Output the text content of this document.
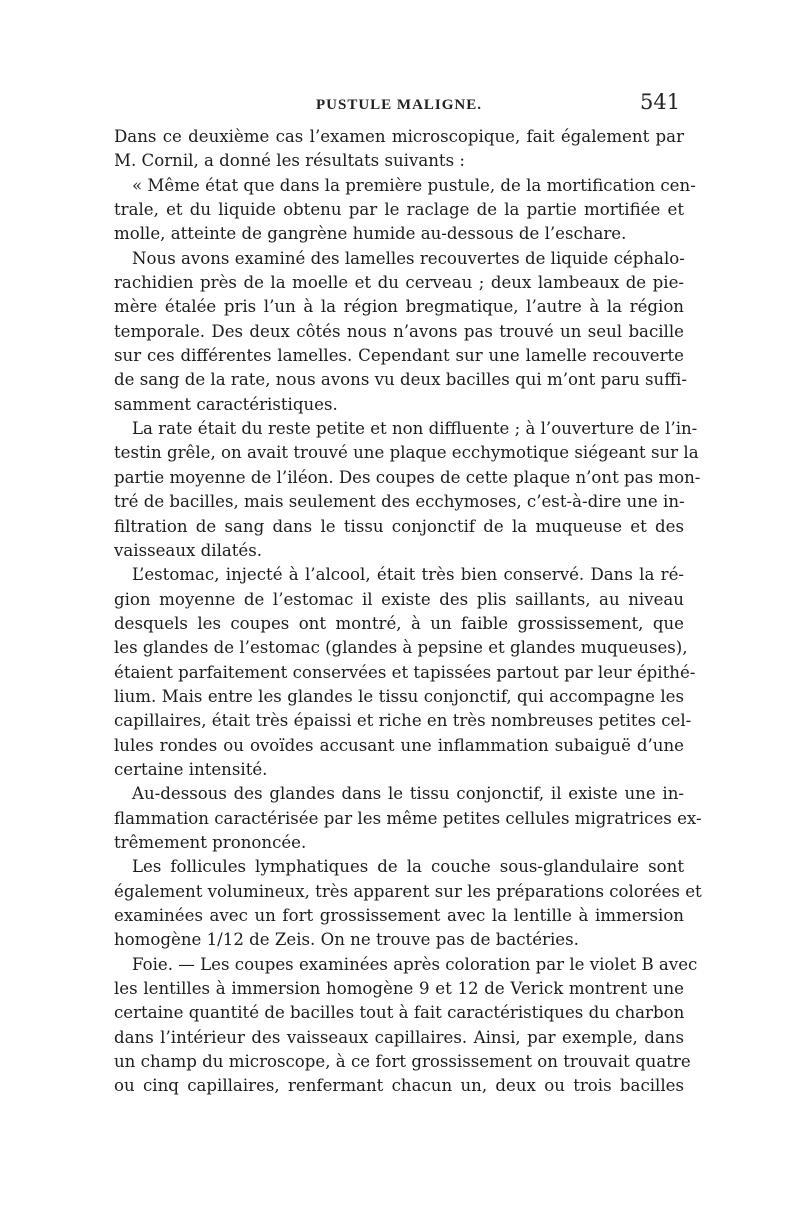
PUSTULE MALIGNE.	541
Dans ce deuxième cas l’examen microscopique, fait également par
M. Cornil, a donné les résultats suivants :
« Même état que dans la première pustule, de la mortification cen-
trale, et du liquide obtenu par le raclage de la partie mortifiée et
molle, atteinte de gangrène humide au-dessous de l’eschare.
Nous avons examiné des lamelles recouvertes de liquide céphalo-
rachidien près de la moelle et du cerveau ; deux lambeaux de pie-
mère étalée pris l’un à la région bregmatique, l’autre à la région
temporale. Des deux côtés nous n’avons pas trouvé un seul bacille
sur ces différentes lamelles. Cependant sur une lamelle recouverte
de sang de la rate, nous avons vu deux bacilles qui m’ont paru suffi-
samment caractéristiques.
La rate était du reste petite et non diffluente ; à l’ouverture de l’in-
testin grêle, on avait trouvé une plaque ecchymotique siégeant sur la
partie moyenne de l’iléon. Des coupes de cette plaque n’ont pas mon-
tré de bacilles, mais seulement des ecchymoses, c’est-à-dire une in-
filtration de sang dans le tissu conjonctif de la muqueuse et des
vaisseaux dilatés.
L’estomac, injecté à l’alcool, était très bien conservé. Dans la ré-
gion moyenne de l’estomac il existe des plis saillants, au niveau
desquels les coupes ont montré, à un faible grossissement, que
les glandes de l’estomac (glandes à pepsine et glandes muqueuses),
étaient parfaitement conservées et tapissées partout par leur épithé-
lium. Mais entre les glandes le tissu conjonctif, qui accompagne les
capillaires, était très épaissi et riche en très nombreuses petites cel-
lules rondes ou ovoïdes accusant une inflammation subaiguë d’une
certaine intensité.
Au-dessous des glandes dans le tissu conjonctif, il existe une in-
flammation caractérisée par les même petites cellules migratrices ex-
trêmement prononcée.
Les follicules lymphatiques de la couche sous-glandulaire sont
également volumineux, très apparent sur les préparations colorées et
examinées avec un fort grossissement avec la lentille à immersion
homogène 1/12 de Zeis. On ne trouve pas de bactéries.
Foie. — Les coupes examinées après coloration par le violet B avec
les lentilles à immersion homogène 9 et 12 de Verick montrent une
certaine quantité de bacilles tout à fait caractéristiques du charbon
dans l’intérieur des vaisseaux capillaires. Ainsi, par exemple, dans
un champ du microscope, à ce fort grossissement on trouvait quatre
ou cinq capillaires, renfermant chacun un, deux ou trois bacilles
